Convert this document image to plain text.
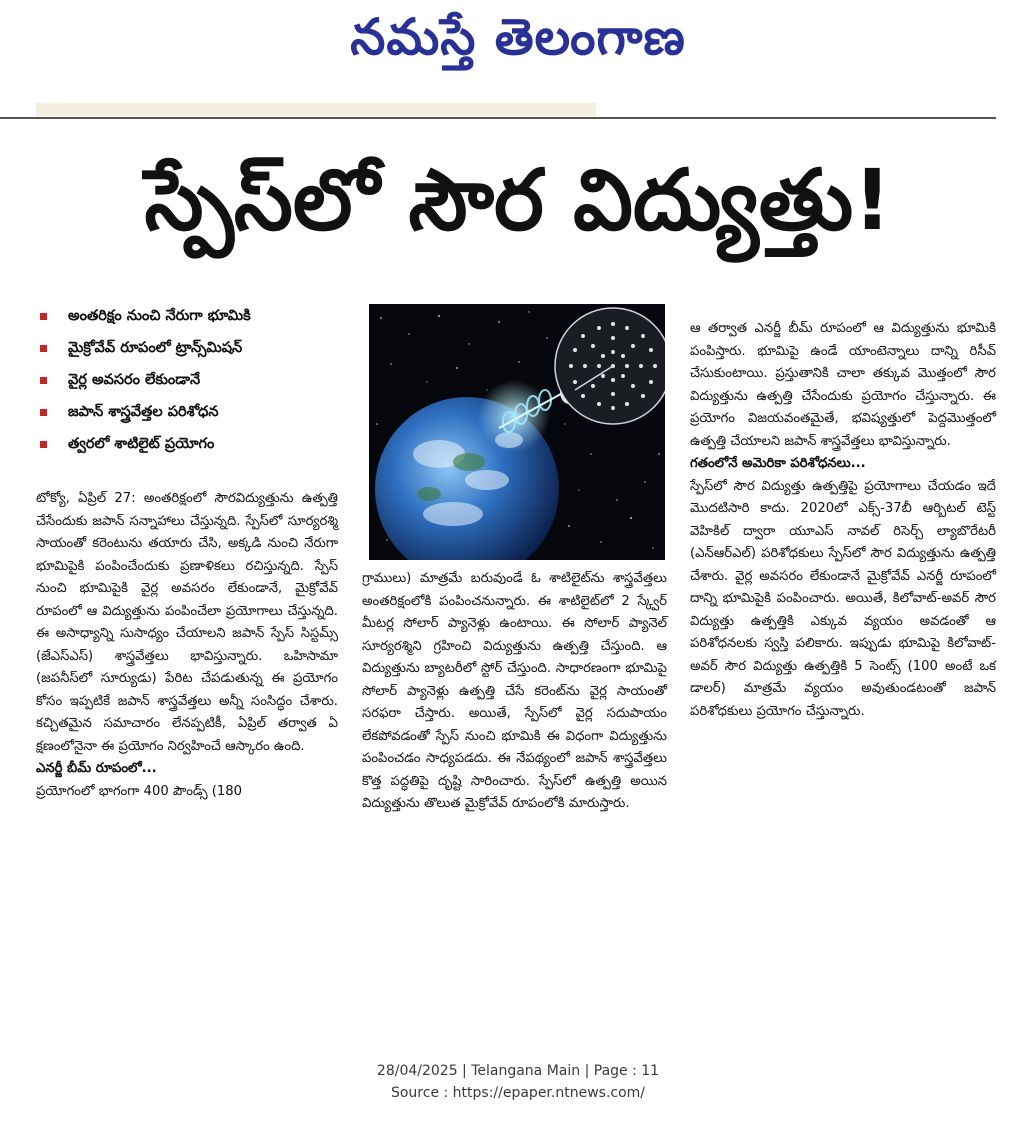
నమస్తే తెలంగాణ
స్పేస్‌లో సౌర విద్యుత్తు!
అంతరిక్షం నుంచి నేరుగా భూమికి
మైక్రోవేవ్ రూపంలో ట్రాన్స్‌మిషన్
వైర్ల అవసరం లేకుండానే
జపాన్ శాస్త్రవేత్తల పరిశోధన
త్వరలో శాటిలైట్ ప్రయోగం

టోక్యో, ఏప్రిల్ 27: అంతరిక్షంలో సౌరవిద్యుత్తును ఉత్పత్తి చేసేందుకు జపాన్ సన్నాహాలు చేస్తున్నది. స్పేస్‌లో సూర్యరశ్మి సాయంతో కరెంటును తయారు చేసి, అక్కడి నుంచి నేరుగా భూమిపైకి పంపించేందుకు ప్రణాళికలు రచిస్తున్నది. స్పేస్ నుంచి భూమిపైకి వైర్ల అవసరం లేకుండానే, మైక్రోవేవ్ రూపంలో ఆ విద్యుత్తును పంపించేలా ప్రయోగాలు చేస్తున్నది. ఈ అసాధ్యాన్ని సుసాధ్యం చేయాలని జపాన్ స్పేస్ సిస్టమ్స్ (జేఎస్ఎస్) శాస్త్రవేత్తలు భావిస్తున్నారు. ఒహిసామా (జపనీస్‌లో సూర్యుడు) పేరిట చేపడుతున్న ఈ ప్రయోగం కోసం ఇప్పటికే జపాన్ శాస్త్రవేత్తలు అన్నీ సంసిద్ధం చేశారు. కచ్చితమైన సమాచారం లేనప్పటికీ, ఏప్రిల్ తర్వాత ఏ క్షణంలోనైనా ఈ ప్రయోగం నిర్వహించే ఆస్కారం ఉంది.

ఎనర్జీ బీమ్ రూపంలో...

ప్రయోగంలో భాగంగా 400 పౌండ్స్ (180

గ్రాములు) మాత్రమే బరువుండే ఓ శాటిలైట్‌ను శాస్త్రవేత్తలు అంతరిక్షంలోకి పంపించనున్నారు. ఈ శాటిలైట్‌లో 2 స్క్వేర్ మీటర్ల సోలార్ ప్యానెళ్లు ఉంటాయి. ఈ సోలార్ ప్యానెల్ సూర్యరశ్మిని గ్రహించి విద్యుత్తును ఉత్పత్తి చేస్తుంది. ఆ విద్యుత్తును బ్యాటరీలో స్టోర్ చేస్తుంది. సాధారణంగా భూమిపై సోలార్ ప్యానెళ్లు ఉత్పత్తి చేసే కరెంట్‌ను వైర్ల సాయంతో సరఫరా చేస్తారు. అయితే, స్పేస్‌లో వైర్ల సదుపాయం లేకపోవడంతో స్పేస్ నుంచి భూమికి ఈ విధంగా విద్యుత్తును పంపించడం సాధ్యపడదు. ఈ నేపథ్యంలో జపాన్ శాస్త్రవేత్తలు కొత్త పద్ధతిపై దృష్టి సారించారు. స్పేస్‌లో ఉత్పత్తి అయిన విద్యుత్తును తొలుత మైక్రోవేవ్ రూపంలోకి మారుస్తారు.

ఆ తర్వాత ఎనర్జీ బీమ్ రూపంలో ఆ విద్యుత్తును భూమికి పంపిస్తారు. భూమిపై ఉండే యాంటెన్నాలు దాన్ని రిసీవ్ చేసుకుంటాయి. ప్రస్తుతానికి చాలా తక్కువ మొత్తంలో సౌర విద్యుత్తును ఉత్పత్తి చేసేందుకు ప్రయోగం చేస్తున్నారు. ఈ ప్రయోగం విజయవంతమైతే, భవిష్యత్తులో పెద్దమొత్తంలో ఉత్పత్తి చేయాలని జపాన్ శాస్త్రవేత్తలు భావిస్తున్నారు.

గతంలోనే అమెరికా పరిశోధనలు...

స్పేస్‌లో సౌర విద్యుత్తు ఉత్పత్తిపై ప్రయోగాలు చేయడం ఇదే మొదటిసారి కాదు. 2020లో ఎక్స్-37బీ ఆర్బిటల్ టెస్ట్ వెహికిల్ ద్వారా యూఎస్ నావల్ రిసెర్చ్ ల్యాబొరేటరీ (ఎన్ఆర్ఎల్) పరిశోధకులు స్పేస్‌లో సౌర విద్యుత్తును ఉత్పత్తి చేశారు. వైర్ల అవసరం లేకుండానే మైక్రోవేవ్ ఎనర్జీ రూపంలో దాన్ని భూమిపైకి పంపించారు. అయితే, కిలోవాట్-అవర్ సౌర విద్యుత్తు ఉత్పత్తికి ఎక్కువ వ్యయం అవడంతో ఆ పరిశోధనలకు స్వస్తి పలికారు. ఇప్పుడు భూమిపై కిలోవాట్-అవర్ సౌర విద్యుత్తు ఉత్పత్తికి 5 సెంట్స్ (100 అంటే ఒక డాలర్) మాత్రమే వ్యయం అవుతుండటంతో జపాన్ పరిశోధకులు ప్రయోగం చేస్తున్నారు.

28/04/2025 | Telangana Main | Page : 11
Source : https://epaper.ntnews.com/
